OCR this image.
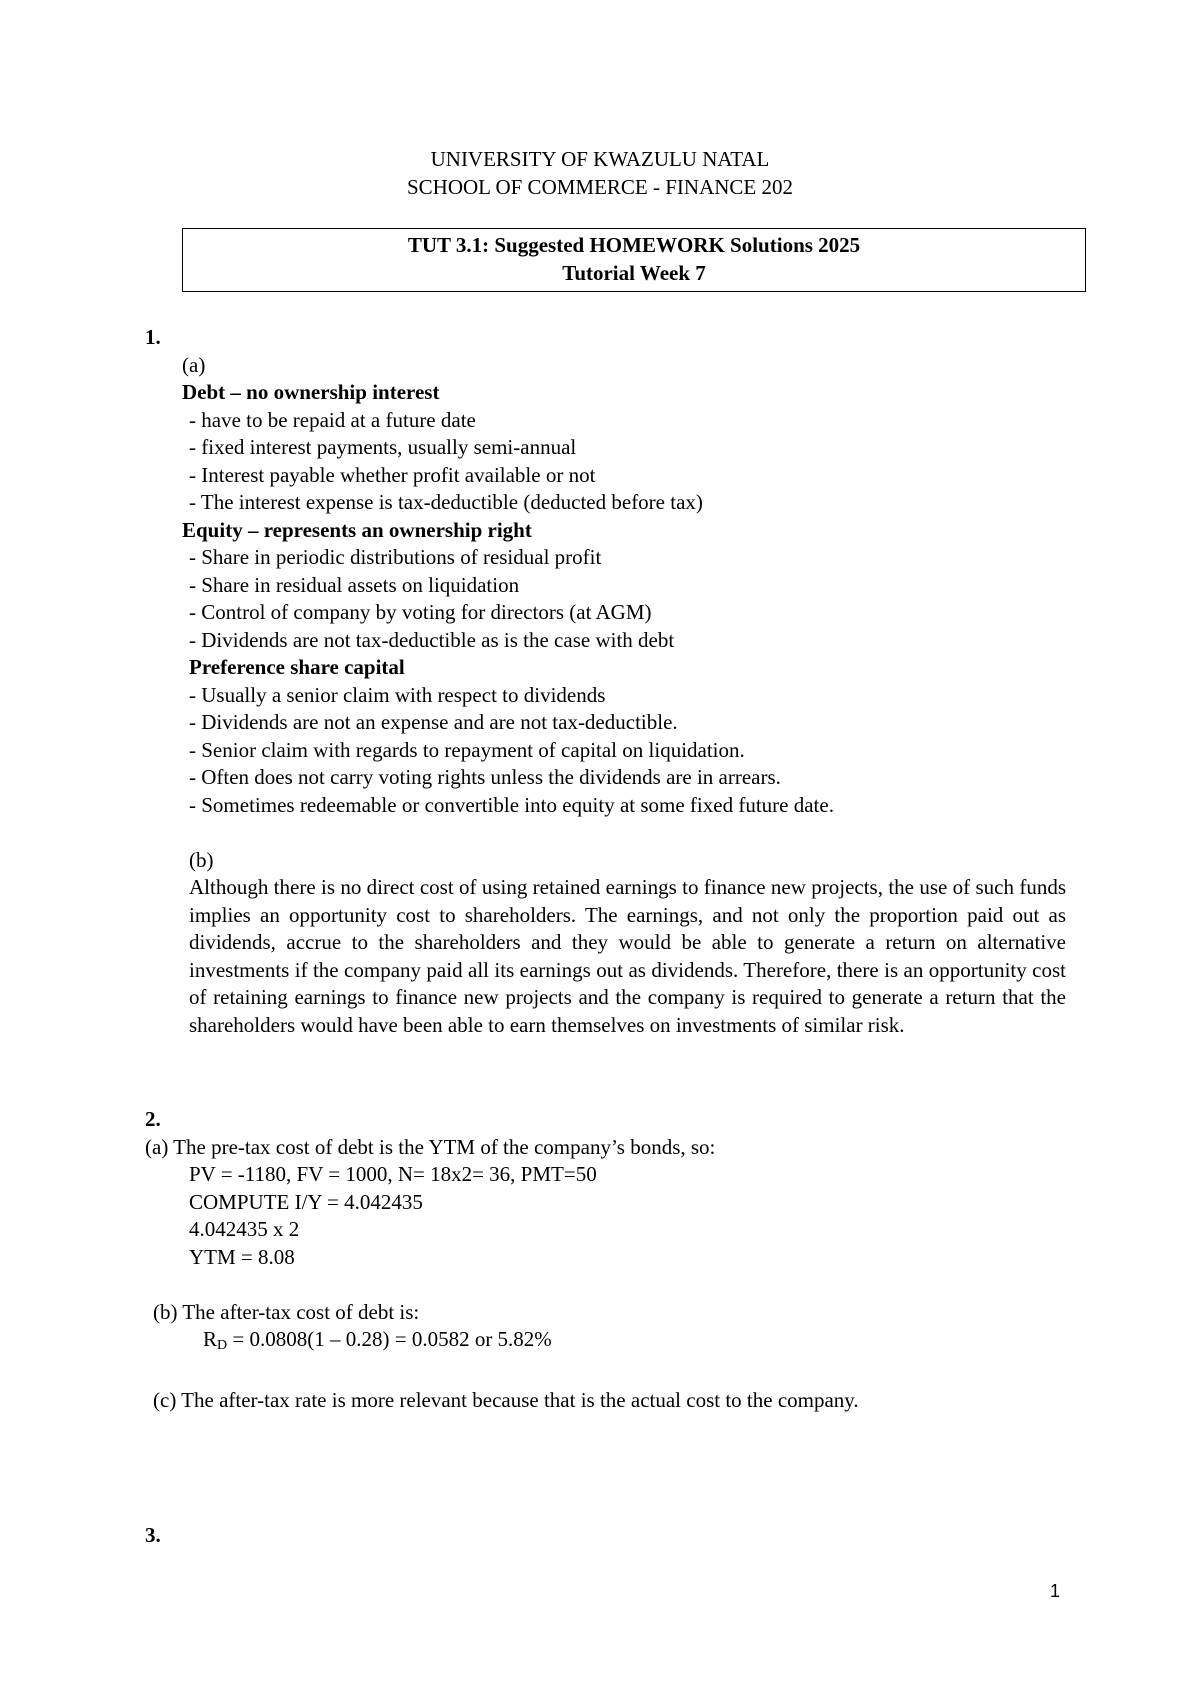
UNIVERSITY OF KWAZULU NATAL
SCHOOL OF COMMERCE - FINANCE 202
TUT 3.1: Suggested HOMEWORK Solutions 2025
Tutorial Week 7
1.
(a)
Debt – no ownership interest
- have to be repaid at a future date
- fixed interest payments, usually semi-annual
- Interest payable whether profit available or not
- The interest expense is tax-deductible (deducted before tax)
Equity – represents an ownership right
- Share in periodic distributions of residual profit
- Share in residual assets on liquidation
- Control of company by voting for directors (at AGM)
- Dividends are not tax-deductible as is the case with debt
Preference share capital
- Usually a senior claim with respect to dividends
- Dividends are not an expense and are not tax-deductible.
- Senior claim with regards to repayment of capital on liquidation.
- Often does not carry voting rights unless the dividends are in arrears.
- Sometimes redeemable or convertible into equity at some fixed future date.
(b)
Although there is no direct cost of using retained earnings to finance new projects, the use of such funds implies an opportunity cost to shareholders. The earnings, and not only the proportion paid out as dividends, accrue to the shareholders and they would be able to generate a return on alternative investments if the company paid all its earnings out as dividends. Therefore, there is an opportunity cost of retaining earnings to finance new projects and the company is required to generate a return that the shareholders would have been able to earn themselves on investments of similar risk.
2.
(a) The pre-tax cost of debt is the YTM of the company’s bonds, so:
PV = -1180, FV = 1000, N= 18x2= 36, PMT=50
COMPUTE I/Y = 4.042435
4.042435 x 2
YTM = 8.08
(b) The after-tax cost of debt is:
$R_D = 0.0808(1 - 0.28) = 0.0582$ or 5.82%
(c) The after-tax rate is more relevant because that is the actual cost to the company.
3.
1
